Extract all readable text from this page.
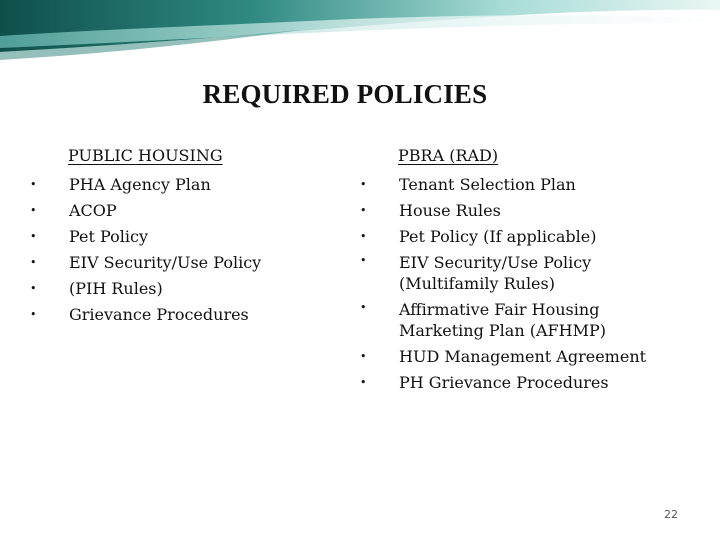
REQUIRED POLICIES
PUBLIC HOUSING	PBRA (RAD)
• PHA Agency Plan
• ACOP
• Pet Policy
• EIV Security/Use Policy
• (PIH Rules)
• Grievance Procedures
• Tenant Selection Plan
• House Rules
• Pet Policy (If applicable)
• EIV Security/Use Policy
(Multifamily Rules)
• Affirmative Fair Housing
Marketing Plan (AFHMP)
• HUD Management Agreement
• PH Grievance Procedures
22
